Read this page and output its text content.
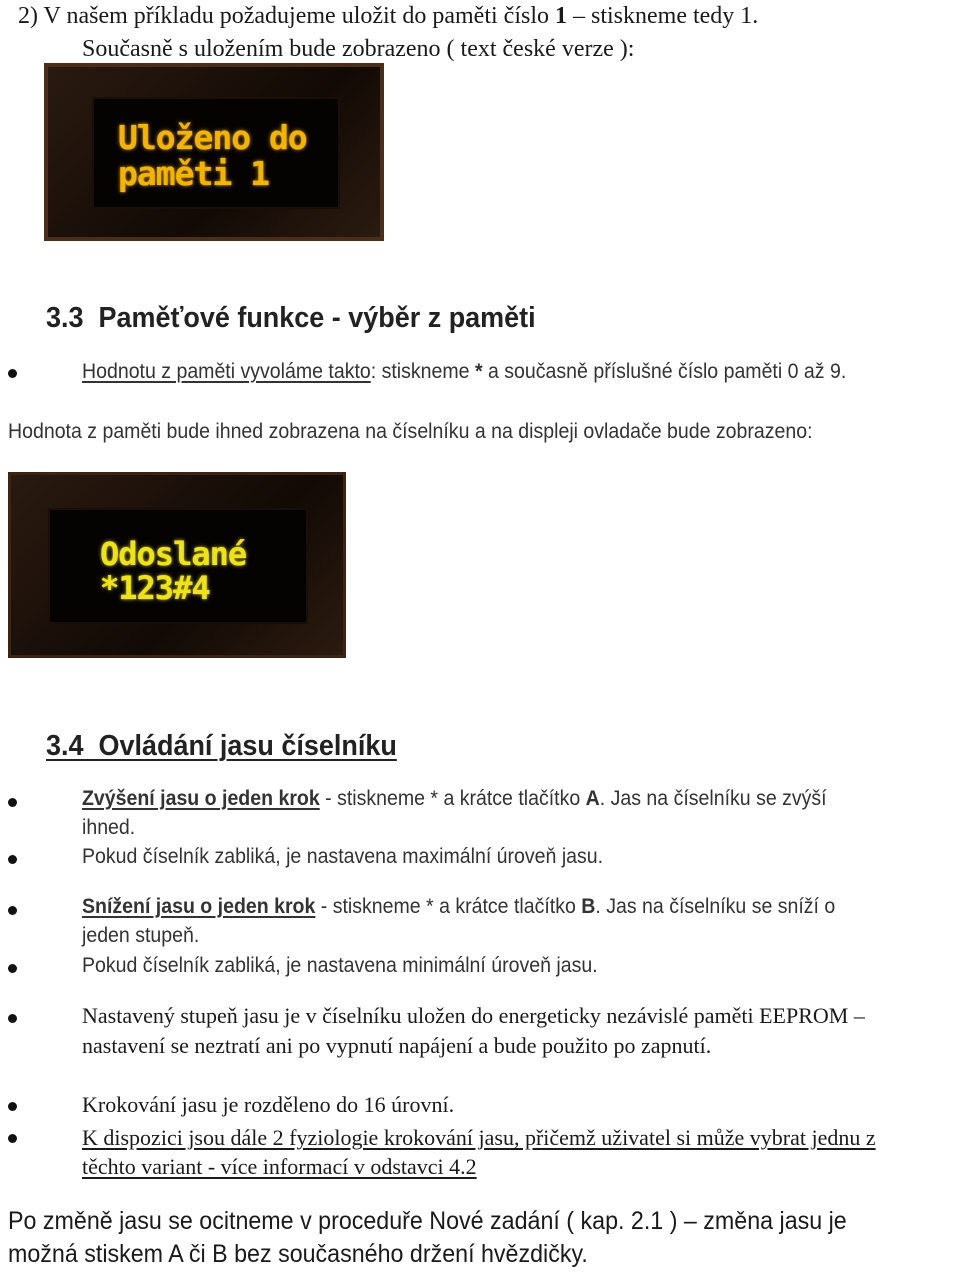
2) V našem příkladu požadujeme uložit do paměti číslo 1 – stiskneme tedy 1.
Současně s uložením bude zobrazeno ( text české verze ):
Uloženo do
paměti 1
3.3 Paměťové funkce - výběr z paměti
Hodnotu z paměti vyvoláme takto: stiskneme * a současně příslušné číslo paměti 0 až 9.
Hodnota z paměti bude ihned zobrazena na číselníku a na displeji ovladače bude zobrazeno:
Odoslané
*123#4
3.4 Ovládání jasu číselníku
Zvýšení jasu o jeden krok - stiskneme * a krátce tlačítko A. Jas na číselníku se zvýší
ihned.
Pokud číselník zabliká, je nastavena maximální úroveň jasu.
Snížení jasu o jeden krok - stiskneme * a krátce tlačítko B. Jas na číselníku se sníží o
jeden stupeň.
Pokud číselník zabliká, je nastavena minimální úroveň jasu.
Nastavený stupeň jasu je v číselníku uložen do energeticky nezávislé paměti EEPROM –
nastavení se neztratí ani po vypnutí napájení a bude použito po zapnutí.
Krokování jasu je rozděleno do 16 úrovní.
K dispozici jsou dále 2 fyziologie krokování jasu, přičemž uživatel si může vybrat jednu z
těchto variant - více informací v odstavci 4.2
Po změně jasu se ocitneme v proceduře Nové zadání ( kap. 2.1 ) – změna jasu je
možná stiskem A či B bez současného držení hvězdičky.
